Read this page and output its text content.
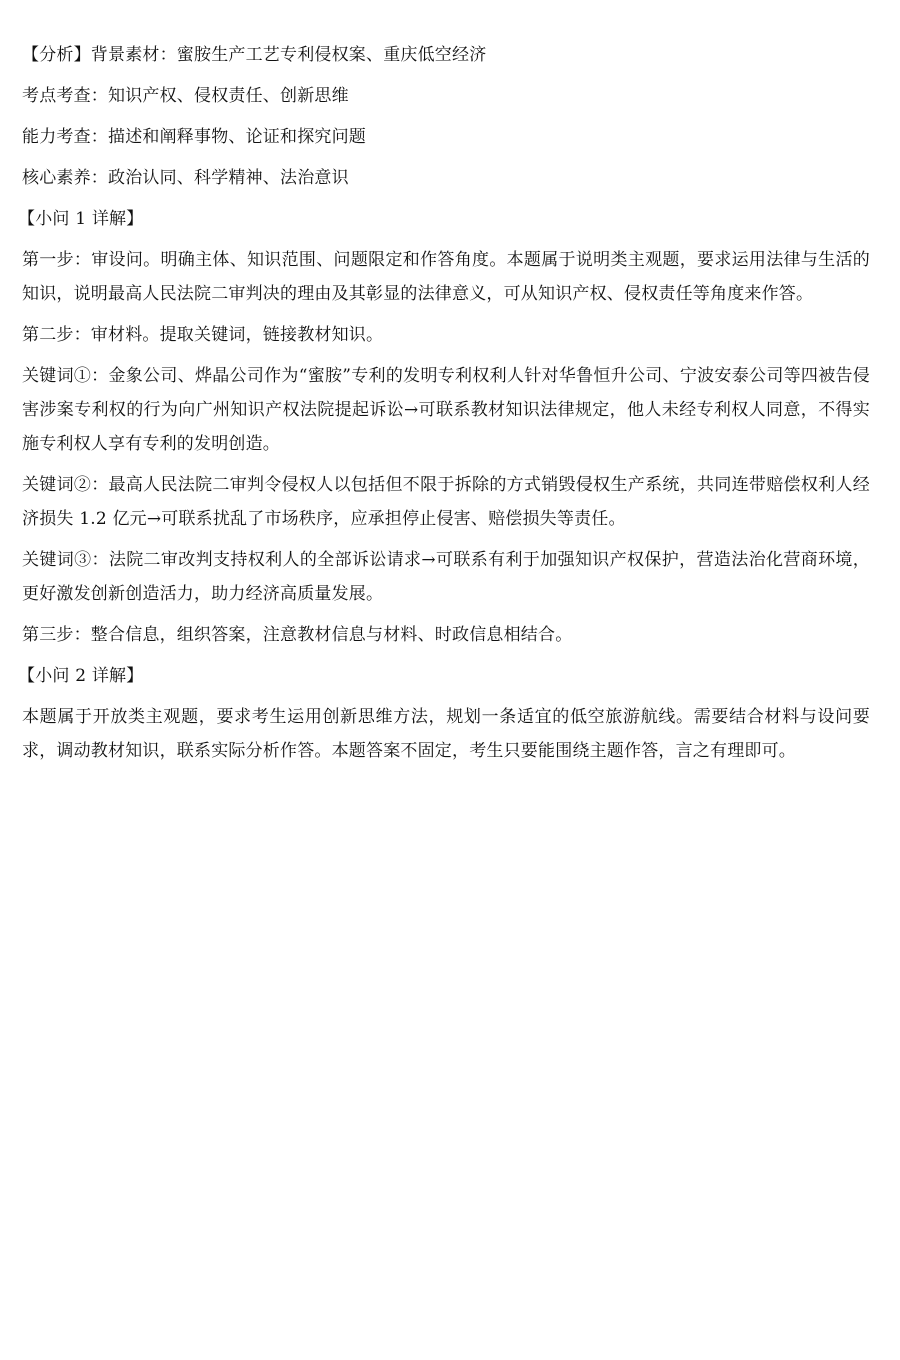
【分析】背景素材：蜜胺生产工艺专利侵权案、重庆低空经济

考点考查：知识产权、侵权责任、创新思维

能力考查：描述和阐释事物、论证和探究问题

核心素养：政治认同、科学精神、法治意识

【小问 1 详解】

第一步：审设问。明确主体、知识范围、问题限定和作答角度。本题属于说明类主观题，要求运用法律与生活的知识，说明最高人民法院二审判决的理由及其彰显的法律意义，可从知识产权、侵权责任等角度来作答。

第二步：审材料。提取关键词，链接教材知识。

关键词①：金象公司、烨晶公司作为“蜜胺”专利的发明专利权利人针对华鲁恒升公司、宁波安泰公司等四被告侵害涉案专利权的行为向广州知识产权法院提起诉讼→可联系教材知识法律规定，他人未经专利权人同意，不得实施专利权人享有专利的发明创造。

关键词②：最高人民法院二审判令侵权人以包括但不限于拆除的方式销毁侵权生产系统，共同连带赔偿权利人经济损失 1.2 亿元→可联系扰乱了市场秩序，应承担停止侵害、赔偿损失等责任。

关键词③：法院二审改判支持权利人的全部诉讼请求→可联系有利于加强知识产权保护，营造法治化营商环境，更好激发创新创造活力，助力经济高质量发展。

第三步：整合信息，组织答案，注意教材信息与材料、时政信息相结合。

【小问 2 详解】

本题属于开放类主观题，要求考生运用创新思维方法，规划一条适宜的低空旅游航线。需要结合材料与设问要求，调动教材知识，联系实际分析作答。本题答案不固定，考生只要能围绕主题作答，言之有理即可。
